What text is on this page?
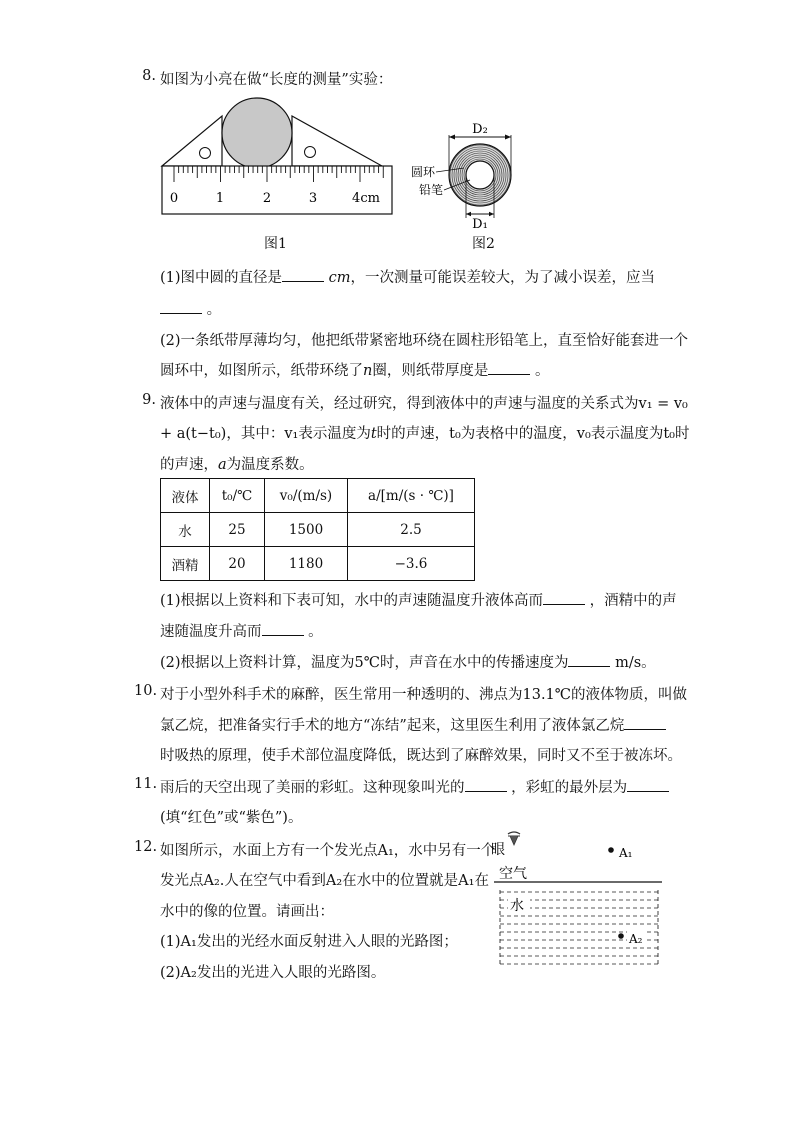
8. 如图为小亮在做“长度的测量”实验：
0	1	2	3	4cm
图1
D₂
D₁
圆环
铅笔
图2
(1)图中圆的直径是	cm，一次测量可能误差较大，为了减小误差，应当
。
(2)一条纸带厚薄均匀，他把纸带紧密地环绕在圆柱形铅笔上，直至恰好能套进一个
圆环中，如图所示，纸带环绕了n圈，则纸带厚度是	。
9. 液体中的声速与温度有关，经过研究，得到液体中的声速与温度的关系式为v₁ = v₀
+ a(t−t₀)，其中：v₁表示温度为t时的声速，t₀为表格中的温度，v₀表示温度为t₀时
的声速，a为温度系数。
液体	t₀/℃	v₀/(m/s)	a/[m/(s · ℃)]
水	25	1500	2.5
酒精	20	1180	−3.6
(1)根据以上资料和下表可知，水中的声速随温度升液体高而	，酒精中的声
速随温度升高而	。
(2)根据以上资料计算，温度为5℃时，声音在水中的传播速度为	m/s。
10. 对于小型外科手术的麻醉，医生常用一种透明的、沸点为13.1℃的液体物质，叫做
氯乙烷，把准备实行手术的地方“冻结”起来，这里医生利用了液体氯乙烷
时吸热的原理，使手术部位温度降低，既达到了麻醉效果，同时又不至于被冻坏。
11. 雨后的天空出现了美丽的彩虹。这种现象叫光的	，彩虹的最外层为
(填“红色”或“紫色”)。
12. 如图所示，水面上方有一个发光点A₁，水中另有一个
发光点A₂.人在空气中看到A₂在水中的位置就是A₁在
水中的像的位置。请画出：
(1)A₁发出的光经水面反射进入人眼的光路图；
(2)A₂发出的光进入人眼的光路图。
眼	A₁
空气
水
A₂
